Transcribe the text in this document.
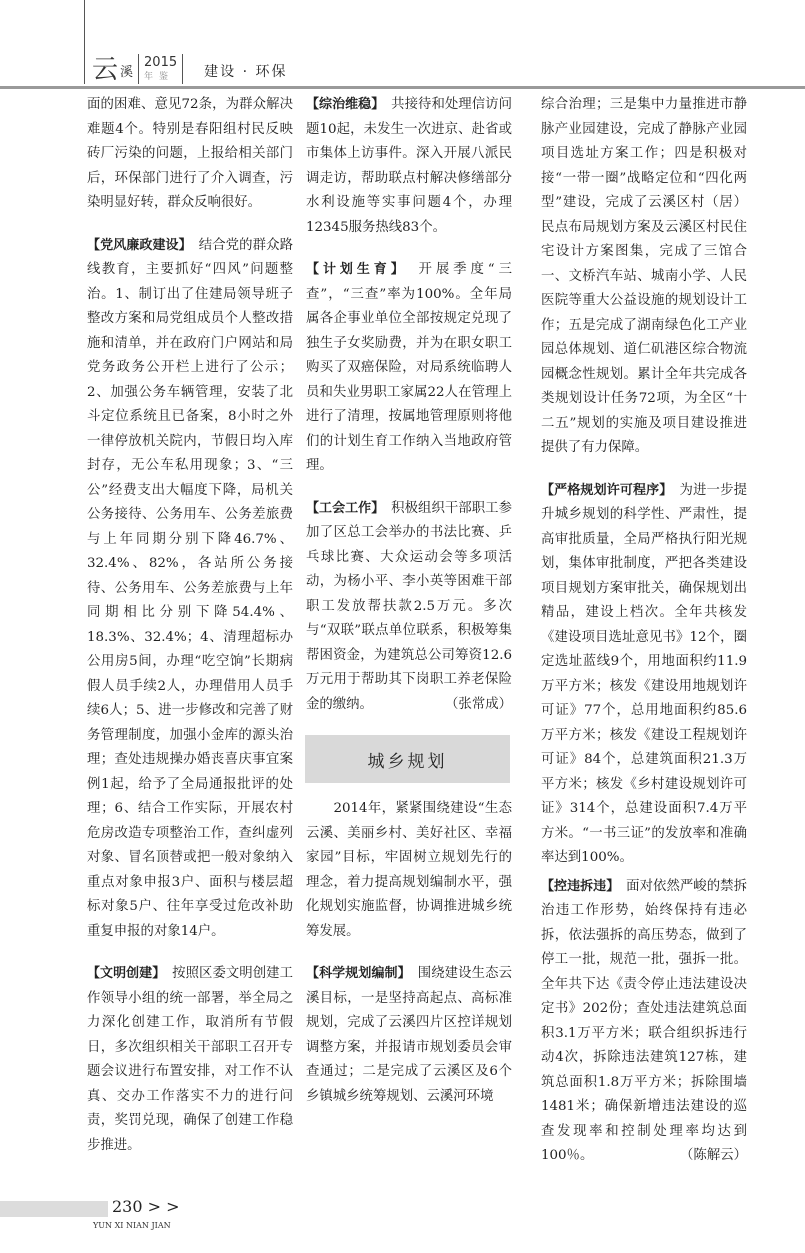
云 溪
2015
年鉴 建设 · 环保

面的困难、意见72条，为群众解决难题4个。特别是春阳组村民反映砖厂污染的问题，上报给相关部门后，环保部门进行了介入调查，污染明显好转，群众反响很好。

【党风廉政建设】　结合党的群众路线教育，主要抓好“四风”问题整治。1、制订出了住建局领导班子整改方案和局党组成员个人整改措施和清单，并在政府门户网站和局党务政务公开栏上进行了公示；2、加强公务车辆管理，安装了北斗定位系统且已备案，8小时之外一律停放机关院内，节假日均入库封存，无公车私用现象；3、“三公”经费支出大幅度下降，局机关公务接待、公务用车、公务差旅费与上年同期分别下降46.7%、32.4%、82%，各站所公务接待、公务用车、公务差旅费与上年同期相比分别下降54.4%、18.3%、32.4%；4、清理超标办公用房5间，办理“吃空饷”长期病假人员手续2人，办理借用人员手续6人；5、进一步修改和完善了财务管理制度，加强小金库的源头治理；查处违规操办婚丧喜庆事宜案例1起，给予了全局通报批评的处理；6、结合工作实际，开展农村危房改造专项整治工作，查纠虚列对象、冒名顶替或把一般对象纳入重点对象申报3户、面积与楼层超标对象5户、往年享受过危改补助重复申报的对象14户。

【文明创建】　按照区委文明创建工作领导小组的统一部署，举全局之力深化创建工作，取消所有节假日，多次组织相关干部职工召开专题会议进行布置安排，对工作不认真、交办工作落实不力的进行问责，奖罚兑现，确保了创建工作稳步推进。

【综治维稳】　共接待和处理信访问题10起，未发生一次进京、赴省或市集体上访事件。深入开展八派民调走访，帮助联点村解决修缮部分水利设施等实事问题4个，办理12345服务热线83个。

【计划生育】　开展季度“三查”，“三查”率为100%。全年局属各企事业单位全部按规定兑现了独生子女奖励费，并为在职女职工购买了双癌保险，对局系统临聘人员和失业男职工家属22人在管理上进行了清理，按属地管理原则将他们的计划生育工作纳入当地政府管理。

【工会工作】　积极组织干部职工参加了区总工会举办的书法比赛、乒乓球比赛、大众运动会等多项活动，为杨小平、李小英等困难干部职工发放帮扶款2.5万元。多次与“双联”联点单位联系，积极筹集帮困资金，为建筑总公司筹资12.6万元用于帮助其下岗职工养老保险金的缴纳。	（张常成）

城乡规划

　　2014年，紧紧围绕建设“生态云溪、美丽乡村、美好社区、幸福家园”目标，牢固树立规划先行的理念，着力提高规划编制水平，强化规划实施监督，协调推进城乡统筹发展。

【科学规划编制】　围绕建设生态云溪目标，一是坚持高起点、高标准规划，完成了云溪四片区控详规划调整方案，并报请市规划委员会审查通过；二是完成了云溪区及6个乡镇城乡统筹规划、云溪河环境

综合治理；三是集中力量推进市静脉产业园建设，完成了静脉产业园项目选址方案工作；四是积极对接“一带一圈”战略定位和“四化两型”建设，完成了云溪区村（居）民点布局规划方案及云溪区村民住宅设计方案图集，完成了三馆合一、文桥汽车站、城南小学、人民医院等重大公益设施的规划设计工作；五是完成了湖南绿色化工产业园总体规划、道仁矶港区综合物流园概念性规划。累计全年共完成各类规划设计任务72项，为全区“十二五”规划的实施及项目建设推进提供了有力保障。

【严格规划许可程序】　为进一步提升城乡规划的科学性、严肃性，提高审批质量，全局严格执行阳光规划，集体审批制度，严把各类建设项目规划方案审批关，确保规划出精品，建设上档次。全年共核发《建设项目选址意见书》12个，圈定选址蓝线9个，用地面积约11.9万平方米；核发《建设用地规划许可证》77个，总用地面积约85.6万平方米；核发《建设工程规划许可证》84个，总建筑面积21.3万平方米；核发《乡村建设规划许可证》314个，总建设面积7.4万平方米。“一书三证”的发放率和准确率达到100%。

【控违拆违】　面对依然严峻的禁拆治违工作形势，始终保持有违必拆，依法强拆的高压势态，做到了停工一批，规范一批，强拆一批。全年共下达《责令停止违法建设决定书》202份；查处违法建筑总面积3.1万平方米；联合组织拆违行动4次，拆除违法建筑127栋，建筑总面积1.8万平方米；拆除围墙1481米；确保新增违法建设的巡查发现率和控制处理率均达到100％。	（陈解云）

230 > >
YUN XI NIAN JIAN
